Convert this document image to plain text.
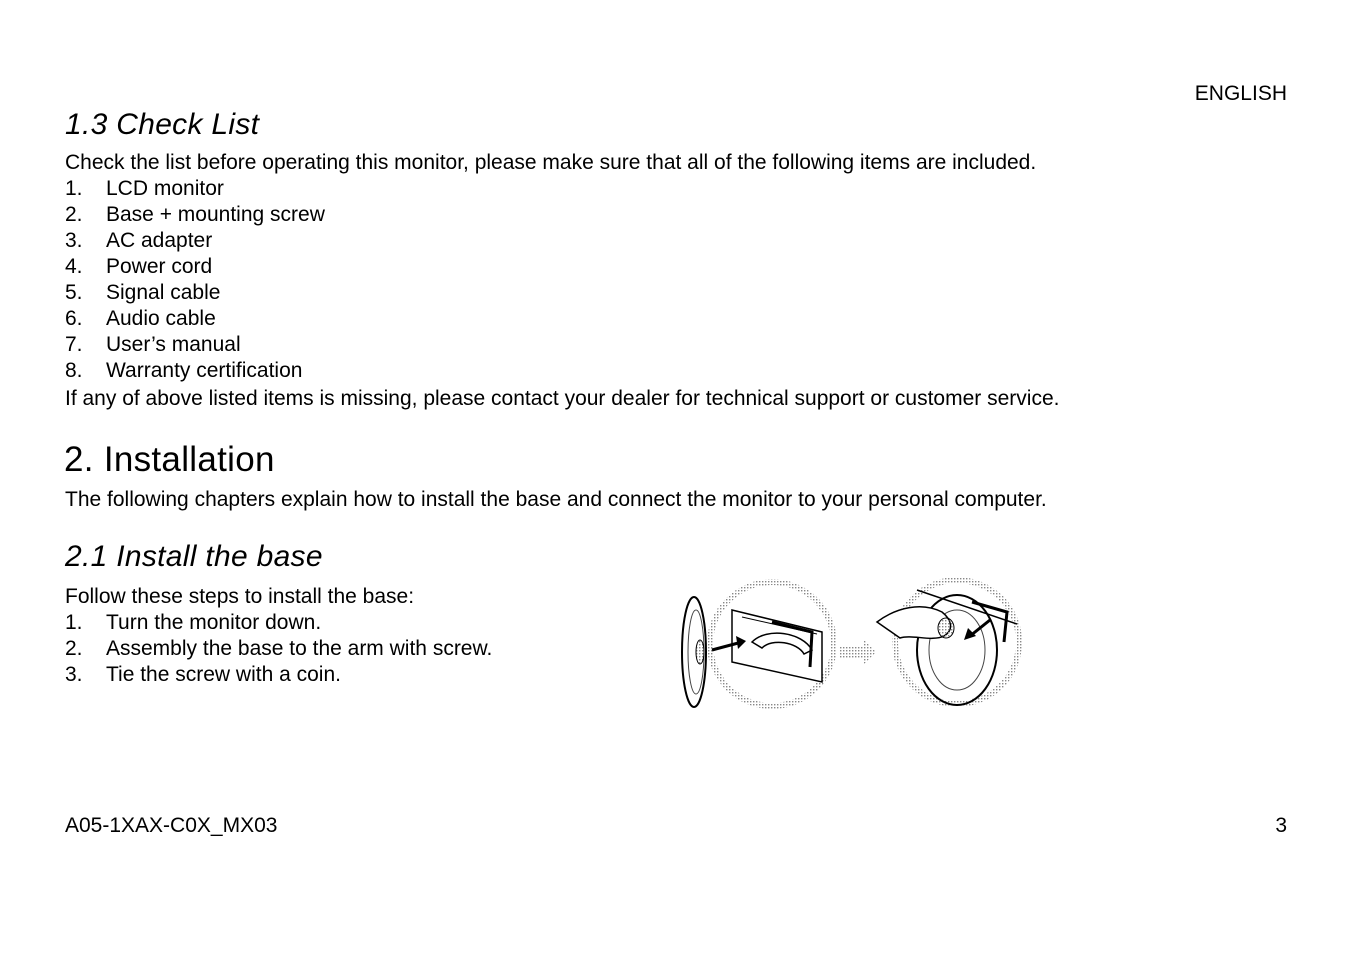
ENGLISH
1.3 Check List

Check the list before operating this monitor, please make sure that all of the following items are included.

1.	LCD monitor
2.	Base + mounting screw
3.	AC adapter
4.	Power cord
5.	Signal cable
6.	Audio cable
7.	User’s manual
8.	Warranty certification

If any of above listed items is missing, please contact your dealer for technical support or customer service.

2. Installation

The following chapters explain how to install the base and connect the monitor to your personal computer.

2.1 Install the base

Follow these steps to install the base:

1.	Turn the monitor down.
2.	Assembly the base to the arm with screw.
3.	Tie the screw with a coin.
A05-1XAX-C0X_MX03	3
